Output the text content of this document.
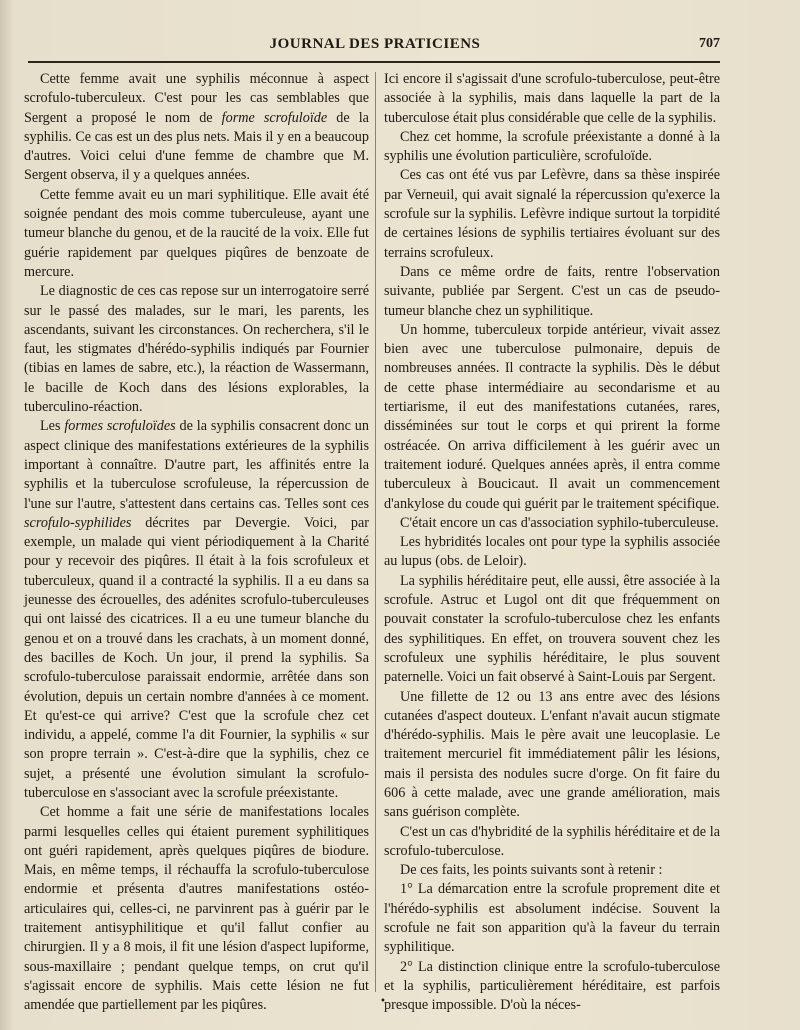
JOURNAL DES PRATICIENS	707

Cette femme avait une syphilis méconnue à aspect scrofulo-tuberculeux. C'est pour les cas semblables que Sergent a proposé le nom de forme scrofuloïde de la syphilis. Ce cas est un des plus nets. Mais il y en a beaucoup d'autres. Voici celui d'une femme de chambre que M. Sergent observa, il y a quelques années.

Cette femme avait eu un mari syphilitique. Elle avait été soignée pendant des mois comme tuberculeuse, ayant une tumeur blanche du genou, et de la raucité de la voix. Elle fut guérie rapidement par quelques piqûres de benzoate de mercure.

Le diagnostic de ces cas repose sur un interrogatoire serré sur le passé des malades, sur le mari, les parents, les ascendants, suivant les circonstances. On recherchera, s'il le faut, les stigmates d'hérédo-syphilis indiqués par Fournier (tibias en lames de sabre, etc.), la réaction de Wassermann, le bacille de Koch dans des lésions explorables, la tuberculino-réaction.

Les formes scrofuloïdes de la syphilis consacrent donc un aspect clinique des manifestations extérieures de la syphilis important à connaître. D'autre part, les affinités entre la syphilis et la tuberculose scrofuleuse, la répercussion de l'une sur l'autre, s'attestent dans certains cas. Telles sont ces scrofulo-syphilides décrites par Devergie. Voici, par exemple, un malade qui vient périodiquement à la Charité pour y recevoir des piqûres. Il était à la fois scrofuleux et tuberculeux, quand il a contracté la syphilis. Il a eu dans sa jeunesse des écrouelles, des adénites scrofulo-tuberculeuses qui ont laissé des cicatrices. Il a eu une tumeur blanche du genou et on a trouvé dans les crachats, à un moment donné, des bacilles de Koch. Un jour, il prend la syphilis. Sa scrofulo-tuberculose paraissait endormie, arrêtée dans son évolution, depuis un certain nombre d'années à ce moment. Et qu'est-ce qui arrive? C'est que la scrofule chez cet individu, a appelé, comme l'a dit Fournier, la syphilis « sur son propre terrain ». C'est-à-dire que la syphilis, chez ce sujet, a présenté une évolution simulant la scrofulo-tuberculose en s'associant avec la scrofule préexistante.

Cet homme a fait une série de manifestations locales parmi lesquelles celles qui étaient purement syphilitiques ont guéri rapidement, après quelques piqûres de biodure. Mais, en même temps, il réchauffa la scrofulo-tuberculose endormie et présenta d'autres manifestations ostéo-articulaires qui, celles-ci, ne parvinrent pas à guérir par le traitement antisyphilitique et qu'il fallut confier au chirurgien. Il y a 8 mois, il fit une lésion d'aspect lupiforme, sous-maxillaire ; pendant quelque temps, on crut qu'il s'agissait encore de syphilis. Mais cette lésion ne fut amendée que partiellement par les piqûres.

Ici encore il s'agissait d'une scrofulo-tuberculose, peut-être associée à la syphilis, mais dans laquelle la part de la tuberculose était plus considérable que celle de la syphilis.

Chez cet homme, la scrofule préexistante a donné à la syphilis une évolution particulière, scrofuloïde.

Ces cas ont été vus par Lefèvre, dans sa thèse inspirée par Verneuil, qui avait signalé la répercussion qu'exerce la scrofule sur la syphilis. Lefèvre indique surtout la torpidité de certaines lésions de syphilis tertiaires évoluant sur des terrains scrofuleux.

Dans ce même ordre de faits, rentre l'observation suivante, publiée par Sergent. C'est un cas de pseudo-tumeur blanche chez un syphilitique.

Un homme, tuberculeux torpide antérieur, vivait assez bien avec une tuberculose pulmonaire, depuis de nombreuses années. Il contracte la syphilis. Dès le début de cette phase intermédiaire au secondarisme et au tertiarisme, il eut des manifestations cutanées, rares, disséminées sur tout le corps et qui prirent la forme ostréacée. On arriva difficilement à les guérir avec un traitement ioduré. Quelques années après, il entra comme tuberculeux à Boucicaut. Il avait un commencement d'ankylose du coude qui guérit par le traitement spécifique.

C'était encore un cas d'association syphilo-tuberculeuse.

Les hybridités locales ont pour type la syphilis associée au lupus (obs. de Leloir).

La syphilis héréditaire peut, elle aussi, être associée à la scrofule. Astruc et Lugol ont dit que fréquemment on pouvait constater la scrofulo-tuberculose chez les enfants des syphilitiques. En effet, on trouvera souvent chez les scrofuleux une syphilis héréditaire, le plus souvent paternelle. Voici un fait observé à Saint-Louis par Sergent.

Une fillette de 12 ou 13 ans entre avec des lésions cutanées d'aspect douteux. L'enfant n'avait aucun stigmate d'hérédo-syphilis. Mais le père avait une leucoplasie. Le traitement mercuriel fit immédiatement pâlir les lésions, mais il persista des nodules sucre d'orge. On fit faire du 606 à cette malade, avec une grande amélioration, mais sans guérison complète.

C'est un cas d'hybridité de la syphilis héréditaire et de la scrofulo-tuberculose.

De ces faits, les points suivants sont à retenir :

1° La démarcation entre la scrofule proprement dite et l'hérédo-syphilis est absolument indécise. Souvent la scrofule ne fait son apparition qu'à la faveur du terrain syphilitique.

2° La distinction clinique entre la scrofulo-tuberculose et la syphilis, particulièrement héréditaire, est parfois presque impossible. D'où la néces-

•
